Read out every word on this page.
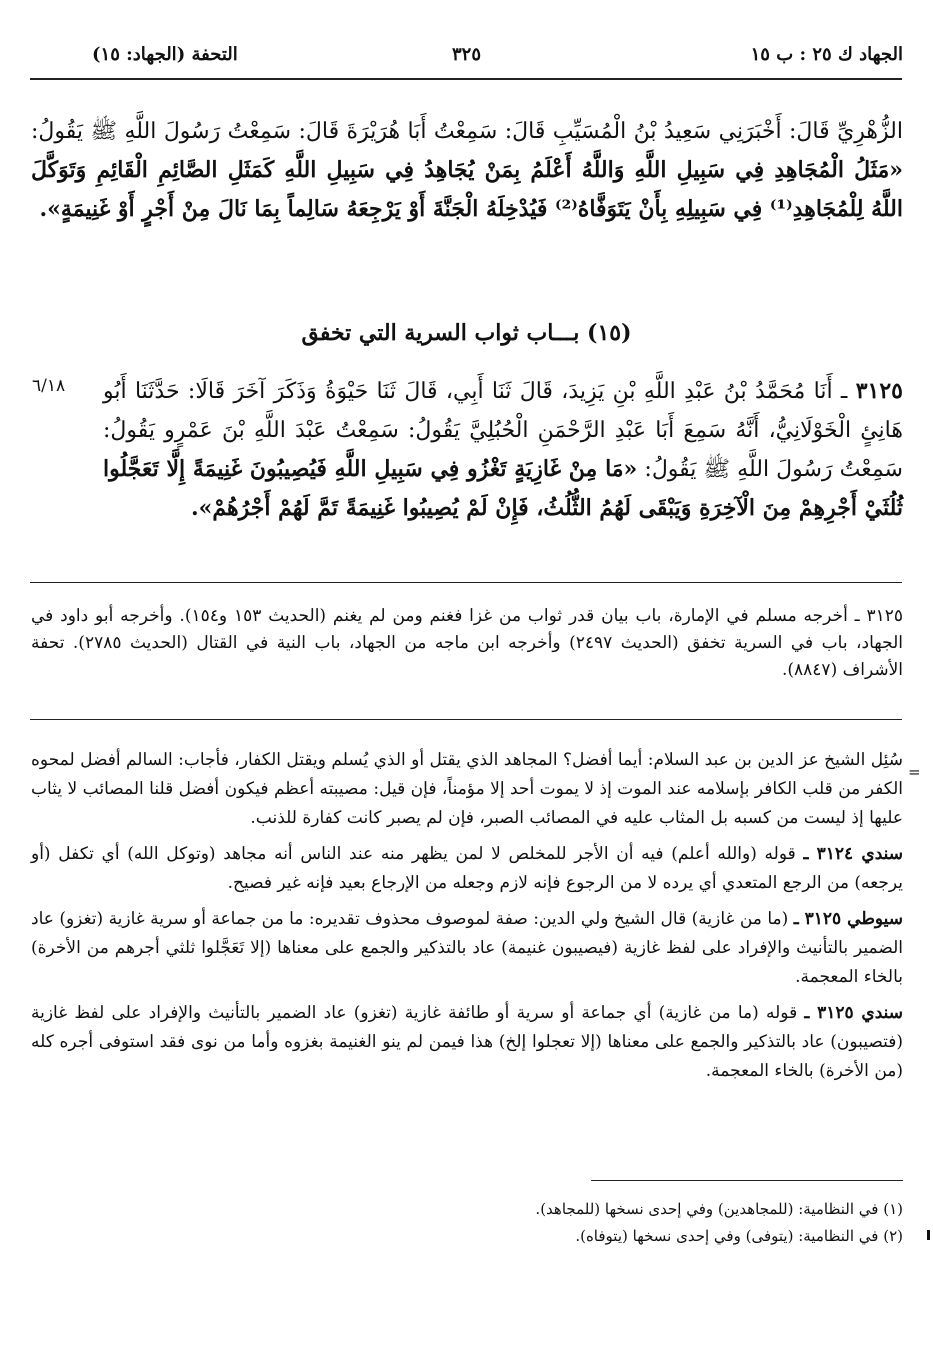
الجهاد ك ٢٥ : ب ١٥
٣٢٥
التحفة (الجهاد: ١٥)
الزُّهْرِيِّ قَالَ: أَخْبَرَنِي سَعِيدُ بْنُ الْمُسَيِّبِ قَالَ: سَمِعْتُ أَبَا هُرَيْرَةَ قَالَ: سَمِعْتُ رَسُولَ اللَّهِ ﷺ يَقُولُ: «مَثَلُ الْمُجَاهِدِ فِي سَبِيلِ اللَّهِ وَاللَّهُ أَعْلَمُ بِمَنْ يُجَاهِدُ فِي سَبِيلِ اللَّهِ كَمَثَلِ الصَّائِمِ الْقَائِمِ وَتَوَكَّلَ اللَّهُ لِلْمُجَاهِدِ⁽¹⁾ فِي سَبِيلِهِ بِأَنْ يَتَوَفَّاهُ⁽²⁾ فَيُدْخِلَهُ الْجَنَّةَ أَوْ يَرْجِعَهُ سَالِماً بِمَا نَالَ مِنْ أَجْرٍ أَوْ غَنِيمَةٍ».
(١٥) بـــاب ثواب السرية التي تخفق
٣١٢٥ ـ أَنَا مُحَمَّدُ بْنُ عَبْدِ اللَّهِ بْنِ يَزِيدَ، قَالَ ثَنَا أَبِي، قَالَ ثَنَا حَيْوَةُ وَذَكَرَ آخَرَ قَالَا: حَدَّثَنَا أَبُو هَانِئٍ الْخَوْلَانِيُّ، أَنَّهُ سَمِعَ أَبَا عَبْدِ الرَّحْمَنِ الْحُبُلِيَّ يَقُولُ: سَمِعْتُ عَبْدَ اللَّهِ بْنَ عَمْرٍو يَقُولُ: سَمِعْتُ رَسُولَ اللَّهِ ﷺ يَقُولُ: «مَا مِنْ غَازِيَةٍ تَغْزُو فِي سَبِيلِ اللَّهِ فَيُصِيبُونَ غَنِيمَةً إِلَّا تَعَجَّلُوا ثُلُثَيْ أَجْرِهِمْ مِنَ الْآخِرَةِ وَيَبْقَى لَهُمُ الثُّلُثُ، فَإِنْ لَمْ يُصِيبُوا غَنِيمَةً تَمَّ لَهُمْ أَجْرُهُمْ».
٦/١٨
٣١٢٥ ـ أخرجه مسلم في الإمارة، باب بيان قدر ثواب من غزا فغنم ومن لم يغنم (الحديث ١٥٣ و١٥٤). وأخرجه أبو داود في الجهاد، باب في السرية تخفق (الحديث ٢٤٩٧) وأخرجه ابن ماجه من الجهاد، باب النية في القتال (الحديث ٢٧٨٥). تحفة الأشراف (٨٨٤٧).
=

سُئِل الشيخ عز الدين بن عبد السلام: أيما أفضل؟ المجاهد الذي يقتل أو الذي يُسلم ويقتل الكفار، فأجاب: السالم أفضل لمحوه الكفر من قلب الكافر بإسلامه عند الموت إذ لا يموت أحد إلا مؤمناً، فإن قيل: مصيبته أعظم فيكون أفضل قلنا المصائب لا يثاب عليها إذ ليست من كسبه بل المثاب عليه في المصائب الصبر، فإن لم يصبر كانت كفارة للذنب.

سندي ٣١٢٤ ـ قوله (والله أعلم) فيه أن الأجر للمخلص لا لمن يظهر منه عند الناس أنه مجاهد (وتوكل الله) أي تكفل (أو يرجعه) من الرجع المتعدي أي يرده لا من الرجوع فإنه لازم وجعله من الإرجاع بعيد فإنه غير فصيح.

سيوطي ٣١٢٥ ـ (ما من غازية) قال الشيخ ولي الدين: صفة لموصوف محذوف تقديره: ما من جماعة أو سرية غازية (تغزو) عاد الضمير بالتأنيث والإفراد على لفظ غازية (فيصيبون غنيمة) عاد بالتذكير والجمع على معناها (إلا تَعَجَّلوا ثلثي أجرهم من الأخرة) بالخاء المعجمة.

سندي ٣١٢٥ ـ قوله (ما من غازية) أي جماعة أو سرية أو طائفة غازية (تغزو) عاد الضمير بالتأنيث والإفراد على لفظ غازية (فتصيبون) عاد بالتذكير والجمع على معناها (إلا تعجلوا إلخ) هذا فيمن لم ينو الغنيمة بغزوه وأما من نوى فقد استوفى أجره كله (من الأخرة) بالخاء المعجمة.

(١) في النظامية: (للمجاهدين) وفي إحدى نسخها (للمجاهد).

(٢) في النظامية: (يتوفى) وفي إحدى نسخها (يتوفاه).
